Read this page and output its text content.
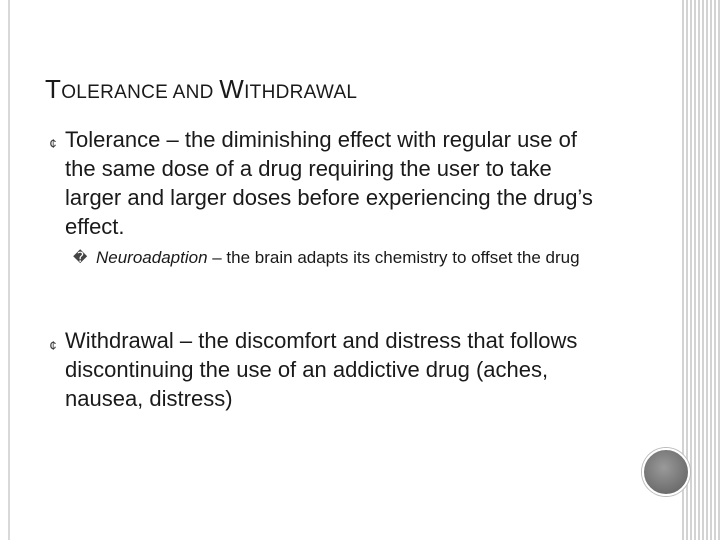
TOLERANCE AND WITHDRAWAL
¢ Tolerance – the diminishing effect with regular use of the same dose of a drug requiring the user to take larger and larger doses before experiencing the drug’s effect.
� Neuroadaption – the brain adapts its chemistry to offset the drug
¢ Withdrawal – the discomfort and distress that follows discontinuing the use of an addictive drug (aches, nausea, distress)
